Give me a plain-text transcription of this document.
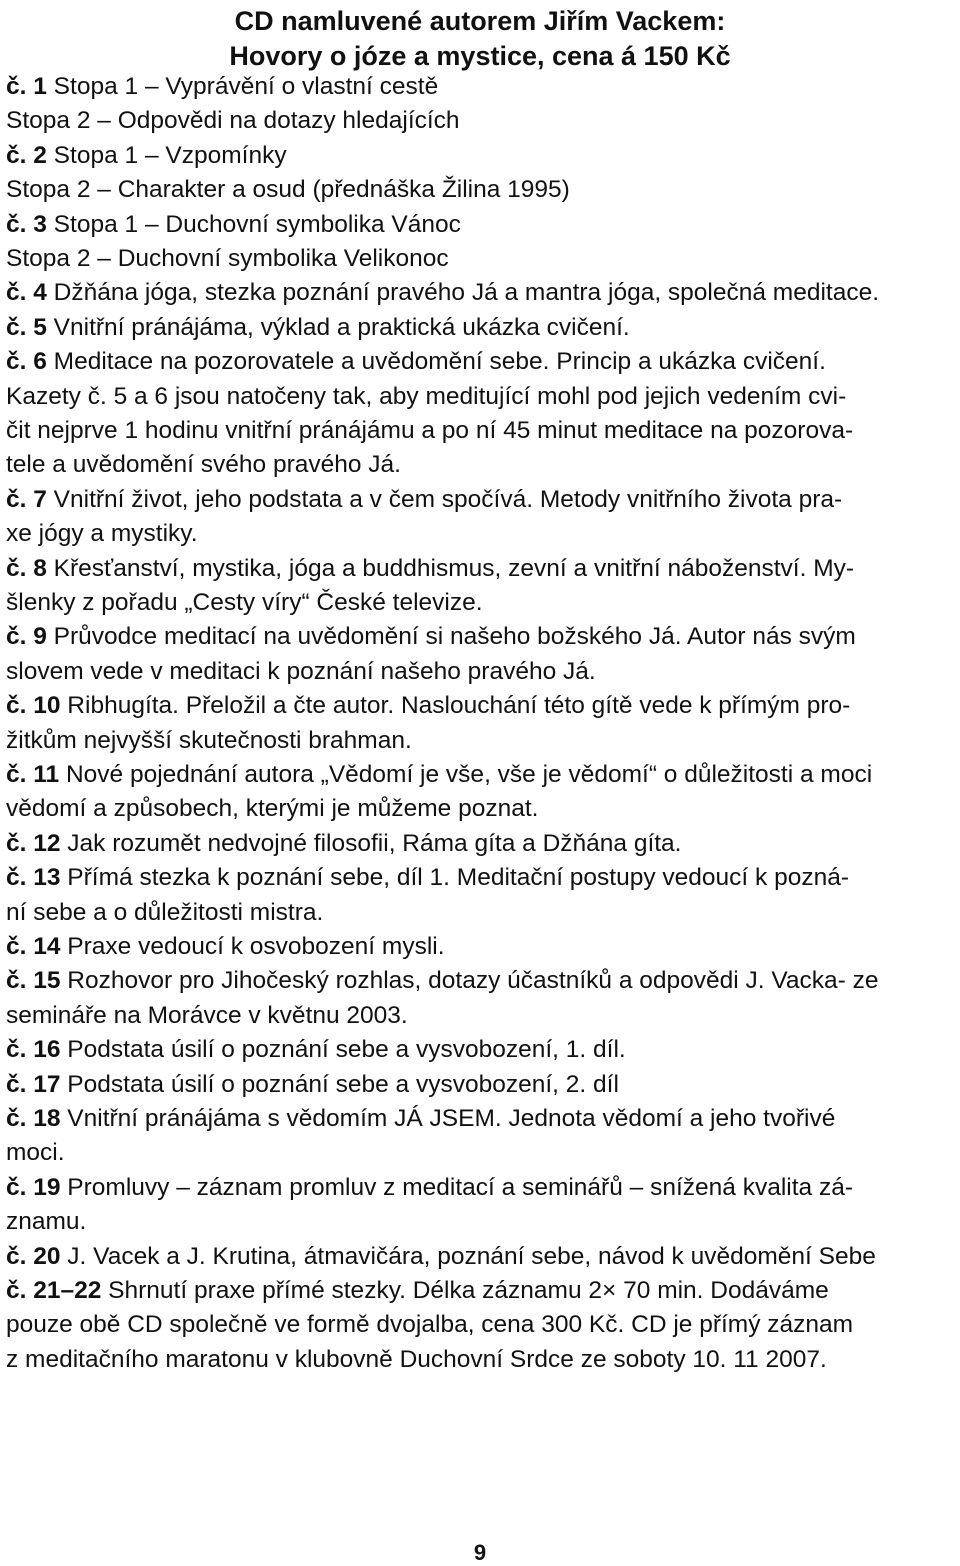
CD namluvené autorem Jiřím Vackem:
Hovory o józe a mystice, cena á 150 Kč
č. 1 Stopa 1 – Vyprávění o vlastní cestě
Stopa 2 – Odpovědi na dotazy hledajících
č. 2 Stopa 1 – Vzpomínky
Stopa 2 – Charakter a osud (přednáška Žilina 1995)
č. 3 Stopa 1 – Duchovní symbolika Vánoc
Stopa 2 – Duchovní symbolika Velikonoc
č. 4 Džňána jóga, stezka poznání pravého Já a mantra jóga, společná meditace.
č. 5 Vnitřní pránájáma, výklad a praktická ukázka cvičení.
č. 6 Meditace na pozorovatele a uvědomění sebe. Princip a ukázka cvičení.
Kazety č. 5 a 6 jsou natočeny tak, aby meditující mohl pod jejich vedením cvi-
čit nejprve 1 hodinu vnitřní pránájámu a po ní 45 minut meditace na pozorova-
tele a uvědomění svého pravého Já.
č. 7 Vnitřní život, jeho podstata a v čem spočívá. Metody vnitřního života pra-
xe jógy a mystiky.
č. 8 Křesťanství, mystika, jóga a buddhismus, zevní a vnitřní náboženství. My-
šlenky z pořadu „Cesty víry“ České televize.
č. 9 Průvodce meditací na uvědomění si našeho božského Já. Autor nás svým
slovem vede v meditaci k poznání našeho pravého Já.
č. 10 Ribhugíta. Přeložil a čte autor. Naslouchání této gítě vede k přímým pro-
žitkům nejvyšší skutečnosti brahman.
č. 11 Nové pojednání autora „Vědomí je vše, vše je vědomí“ o důležitosti a moci
vědomí a způsobech, kterými je můžeme poznat.
č. 12 Jak rozumět nedvojné filosofii, Ráma gíta a Džňána gíta.
č. 13 Přímá stezka k poznání sebe, díl 1. Meditační postupy vedoucí k pozná-
ní sebe a o důležitosti mistra.
č. 14 Praxe vedoucí k osvobození mysli.
č. 15 Rozhovor pro Jihočeský rozhlas, dotazy účastníků a odpovědi J. Vacka- ze
semináře na Morávce v květnu 2003.
č. 16 Podstata úsilí o poznání sebe a vysvobození, 1. díl.
č. 17 Podstata úsilí o poznání sebe a vysvobození, 2. díl
č. 18 Vnitřní pránájáma s vědomím JÁ JSEM. Jednota vědomí a jeho tvořivé
moci.
č. 19 Promluvy – záznam promluv z meditací a seminářů – snížená kvalita zá-
znamu.
č. 20 J. Vacek a J. Krutina, átmavičára, poznání sebe, návod k uvědomění Sebe
č. 21–22 Shrnutí praxe přímé stezky. Délka záznamu 2× 70 min. Dodáváme
pouze obě CD společně ve formě dvojalba, cena 300 Kč. CD je přímý záznam
z meditačního maratonu v klubovně Duchovní Srdce ze soboty 10. 11 2007.
9
